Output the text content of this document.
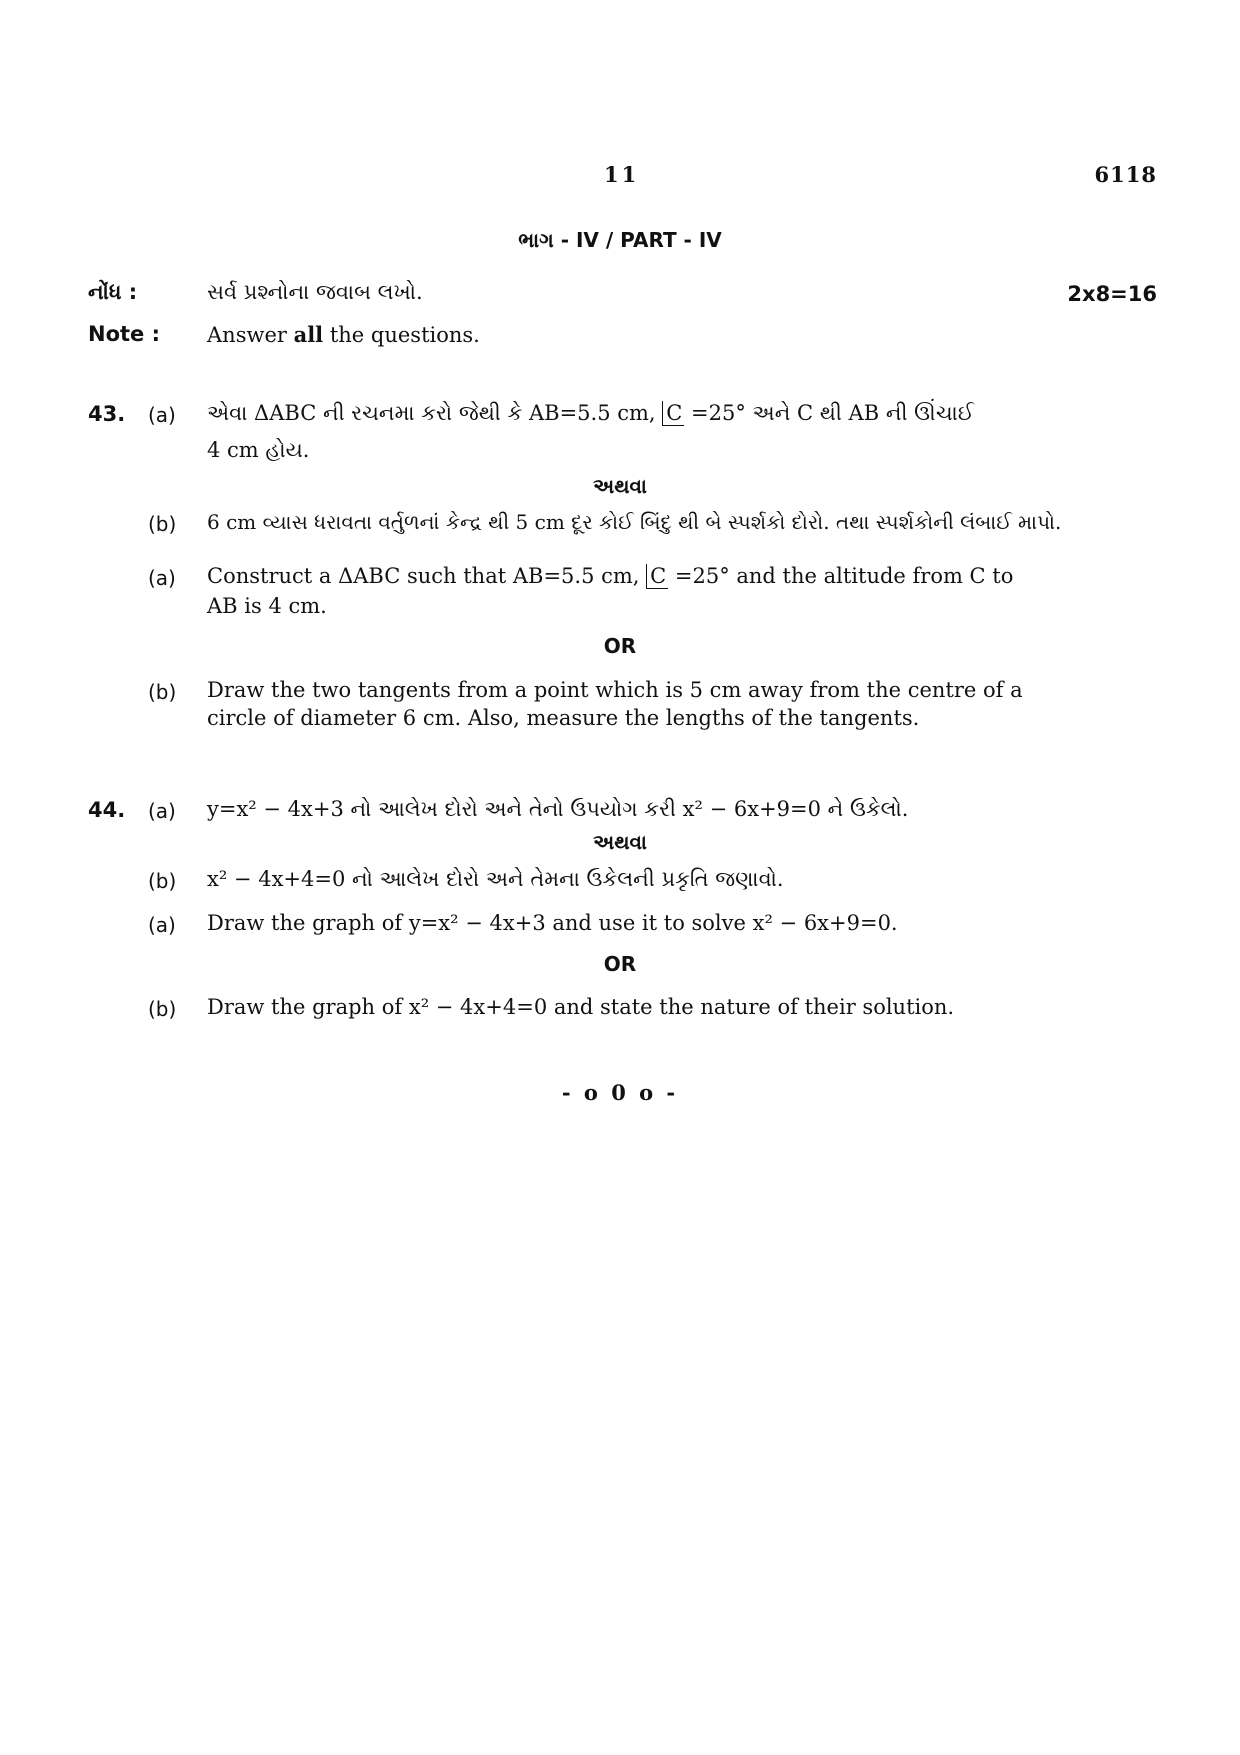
11	6118
ભાગ - IV / PART - IV
નોંધ :	સર્વ પ્રશ્નોના જવાબ લખો.	2x8=16
Note : Answer all the questions.
43. (a) એવા ΔABC ની રચનમા કરો જેથી કે AB=5.5 cm, C =25° અને C થી AB ની ઊંચાઈ
4 cm હોય.
અથવા
(b) 6 cm વ્યાસ ધરાવતા વર્તુળનાં કેન્દ્ર થી 5 cm દૂર કોઈ બિંદુ થી બે સ્પર્શકો દોરો. તથા સ્પર્શકોની લંબાઈ માપો.
(a) Construct a ΔABC such that AB=5.5 cm, C =25° and the altitude from C to
AB is 4 cm.
OR
(b) Draw the two tangents from a point which is 5 cm away from the centre of a
circle of diameter 6 cm. Also, measure the lengths of the tangents.
44. (a) y=x² − 4x+3 નો આલેખ દોરો અને તેનો ઉપયોગ કરી x² − 6x+9=0 ને ઉકેલો.
અથવા
(b) x² − 4x+4=0 નો આલેખ દોરો અને તેમના ઉકેલની પ્રકૃતિ જણાવો.
(a) Draw the graph of y=x² − 4x+3 and use it to solve x² − 6x+9=0.
OR
(b) Draw the graph of x² − 4x+4=0 and state the nature of their solution.
- o 0 o -
